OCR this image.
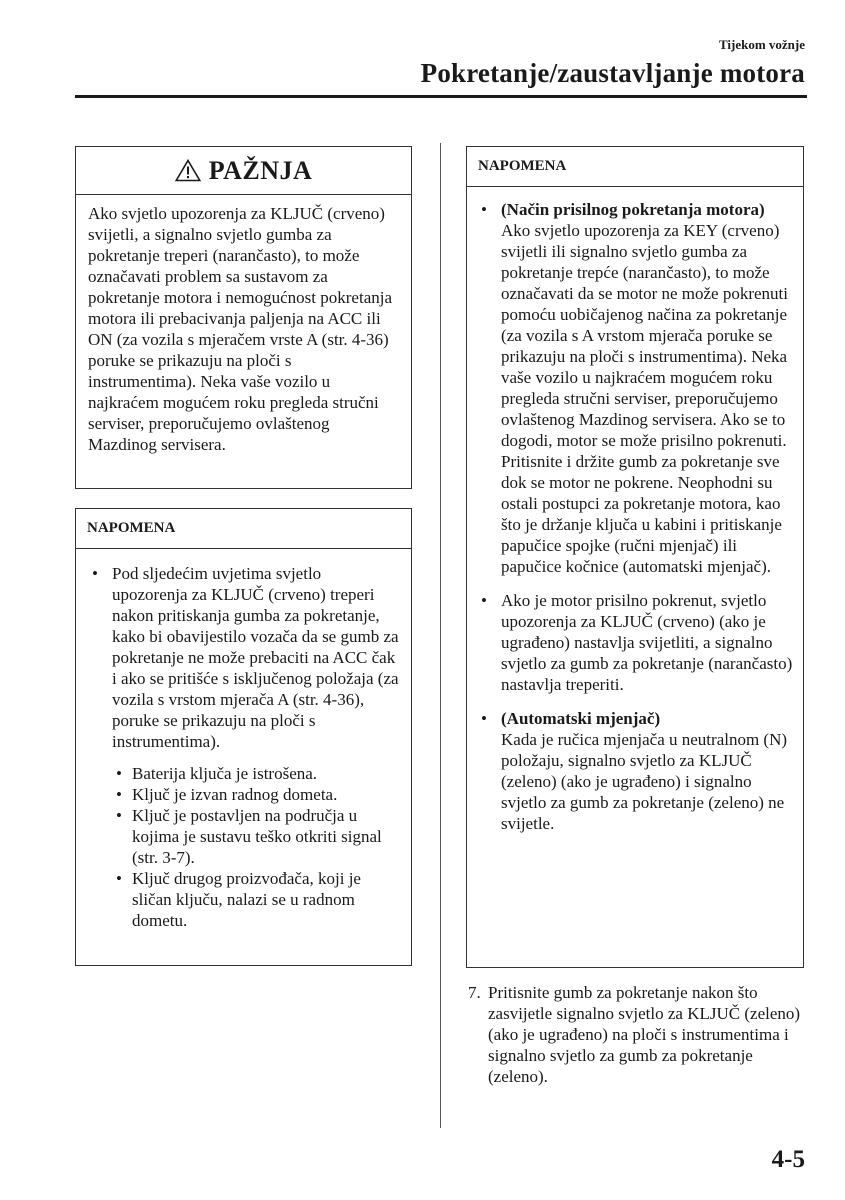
Tijekom vožnje
Pokretanje/zaustavljanje motora
PAŽNJA

Ako svjetlo upozorenja za KLJUČ (crveno) svijetli, a signalno svjetlo gumba za pokretanje treperi (narančasto), to može označavati problem sa sustavom za pokretanje motora i nemogućnost pokretanja motora ili prebacivanja paljenja na ACC ili ON (za vozila s mjeračem vrste A (str. 4-36) poruke se prikazuju na ploči s instrumentima). Neka vaše vozilo u najkraćem mogućem roku pregleda stručni serviser, preporučujemo ovlaštenog Mazdinog servisera.

NAPOMENA
• Pod sljedećim uvjetima svjetlo upozorenja za KLJUČ (crveno) treperi nakon pritiskanja gumba za pokretanje, kako bi obavijestilo vozača da se gumb za pokretanje ne može prebaciti na ACC čak i ako se pritišće s isključenog položaja (za vozila s vrstom mjerača A (str. 4-36), poruke se prikazuju na ploči s instrumentima).
• Baterija ključa je istrošena.
• Ključ je izvan radnog dometa.
• Ključ je postavljen na područja u kojima je sustavu teško otkriti signal (str. 3-7).
• Ključ drugog proizvođača, koji je sličan ključu, nalazi se u radnom dometu.
NAPOMENA
• (Način prisilnog pokretanja motora)
Ako svjetlo upozorenja za KEY (crveno) svijetli ili signalno svjetlo gumba za pokretanje trepće (narančasto), to može označavati da se motor ne može pokrenuti pomoću uobičajenog načina za pokretanje (za vozila s A vrstom mjerača poruke se prikazuju na ploči s instrumentima). Neka vaše vozilo u najkraćem mogućem roku pregleda stručni serviser, preporučujemo ovlaštenog Mazdinog servisera. Ako se to dogodi, motor se može prisilno pokrenuti. Pritisnite i držite gumb za pokretanje sve dok se motor ne pokrene. Neophodni su ostali postupci za pokretanje motora, kao što je držanje ključa u kabini i pritiskanje papučice spojke (ručni mjenjač) ili papučice kočnice (automatski mjenjač).
• Ako je motor prisilno pokrenut, svjetlo upozorenja za KLJUČ (crveno) (ako je ugrađeno) nastavlja svijetliti, a signalno svjetlo za gumb za pokretanje (narančasto) nastavlja treperiti.
• (Automatski mjenjač)
Kada je ručica mjenjača u neutralnom (N) položaju, signalno svjetlo za KLJUČ (zeleno) (ako je ugrađeno) i signalno svjetlo za gumb za pokretanje (zeleno) ne svijetle.
7. Pritisnite gumb za pokretanje nakon što zasvijetle signalno svjetlo za KLJUČ (zeleno) (ako je ugrađeno) na ploči s instrumentima i signalno svjetlo za gumb za pokretanje (zeleno).

4-5
